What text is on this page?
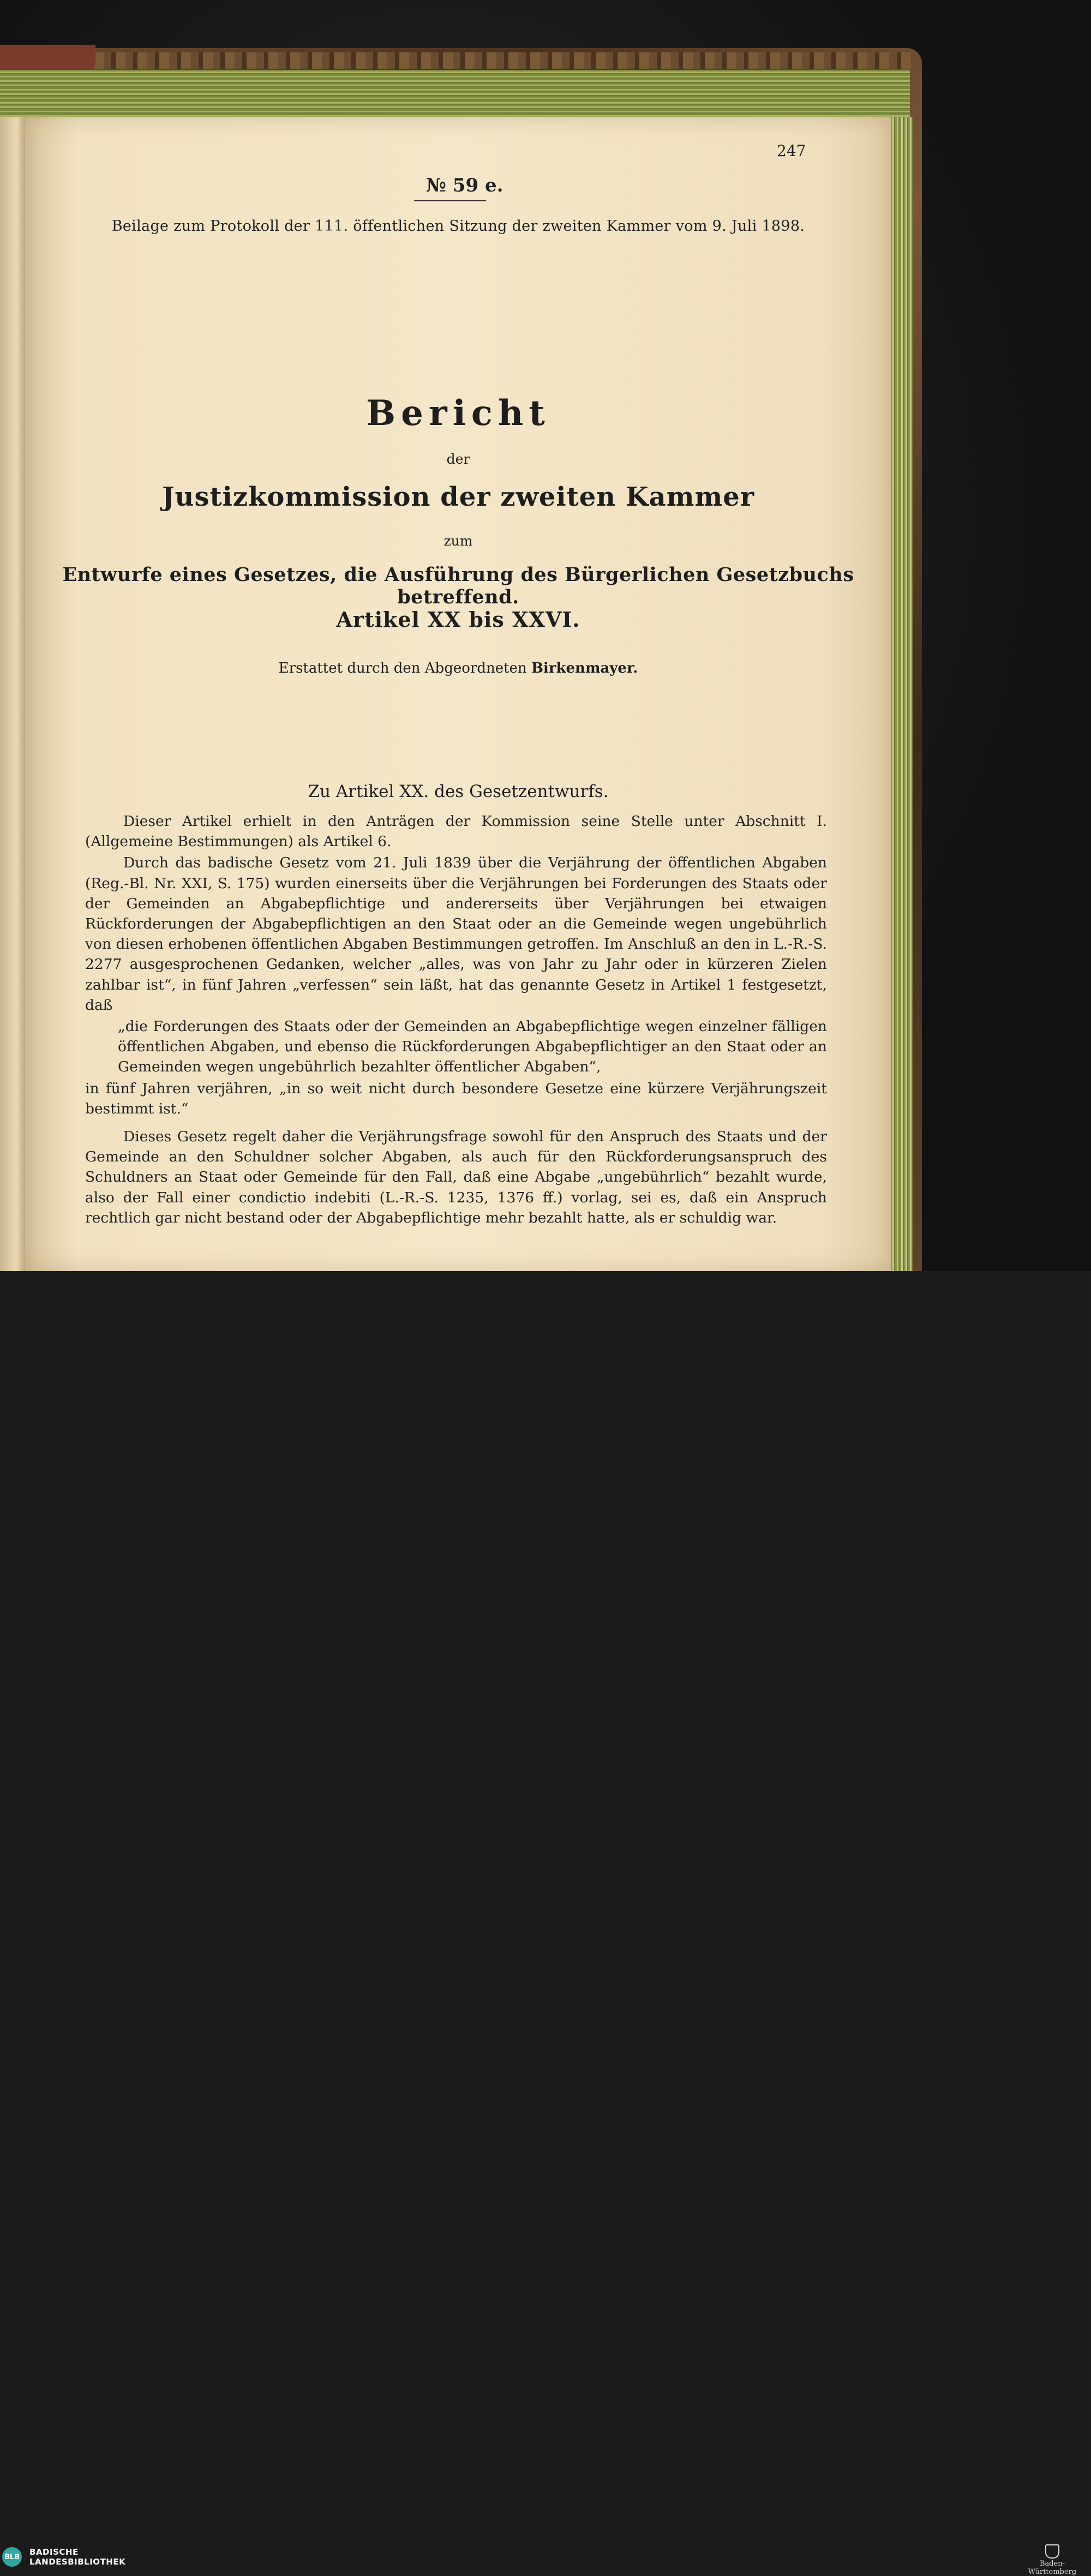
247
№ 59 e.
Beilage zum Protokoll der 111. öffentlichen Sitzung der zweiten Kammer vom 9. Juli 1898.
Bericht
der
Justizkommission der zweiten Kammer
zum
Entwurfe eines Gesetzes, die Ausführung des Bürgerlichen Gesetzbuchs betreffend.
Artikel XX bis XXVI.
Erstattet durch den Abgeordneten Birkenmayer.
Zu Artikel XX. des Gesetzentwurfs.

Dieser Artikel erhielt in den Anträgen der Kommission seine Stelle unter Abschnitt I. (Allgemeine Bestimmungen) als Artikel 6.

Durch das badische Gesetz vom 21. Juli 1839 über die Verjährung der öffentlichen Abgaben (Reg.-Bl. Nr. XXI, S. 175) wurden einerseits über die Verjährungen bei Forderungen des Staats oder der Gemeinden an Abgabepflichtige und andererseits über Verjährungen bei etwaigen Rückforderungen der Abgabepflichtigen an den Staat oder an die Gemeinde wegen ungebührlich von diesen erhobenen öffentlichen Abgaben Bestimmungen getroffen. Im Anschluß an den in L.-R.-S. 2277 ausgesprochenen Gedanken, welcher „alles, was von Jahr zu Jahr oder in kürzeren Zielen zahlbar ist“, in fünf Jahren „verfessen“ sein läßt, hat das genannte Gesetz in Artikel 1 festgesetzt, daß

„die Forderungen des Staats oder der Gemeinden an Abgabepflichtige wegen einzelner fälligen öffentlichen Abgaben, und ebenso die Rückforderungen Abgabepflichtiger an den Staat oder an Gemeinden wegen ungebührlich bezahlter öffentlicher Abgaben“,

in fünf Jahren verjähren, „in so weit nicht durch besondere Gesetze eine kürzere Verjährungszeit bestimmt ist.“

Dieses Gesetz regelt daher die Verjährungsfrage sowohl für den Anspruch des Staats und der Gemeinde an den Schuldner solcher Abgaben, als auch für den Rückforderungsanspruch des Schuldners an Staat oder Gemeinde für den Fall, daß eine Abgabe „ungebührlich“ bezahlt wurde, also der Fall einer condictio indebiti (L.-R.-S. 1235, 1376 ff.) vorlag, sei es, daß ein Anspruch rechtlich gar nicht bestand oder der Abgabepflichtige mehr bezahlt hatte, als er schuldig war.

BLB BADISCHE
LANDESBIBLIOTHEK	Baden-Württemberg
